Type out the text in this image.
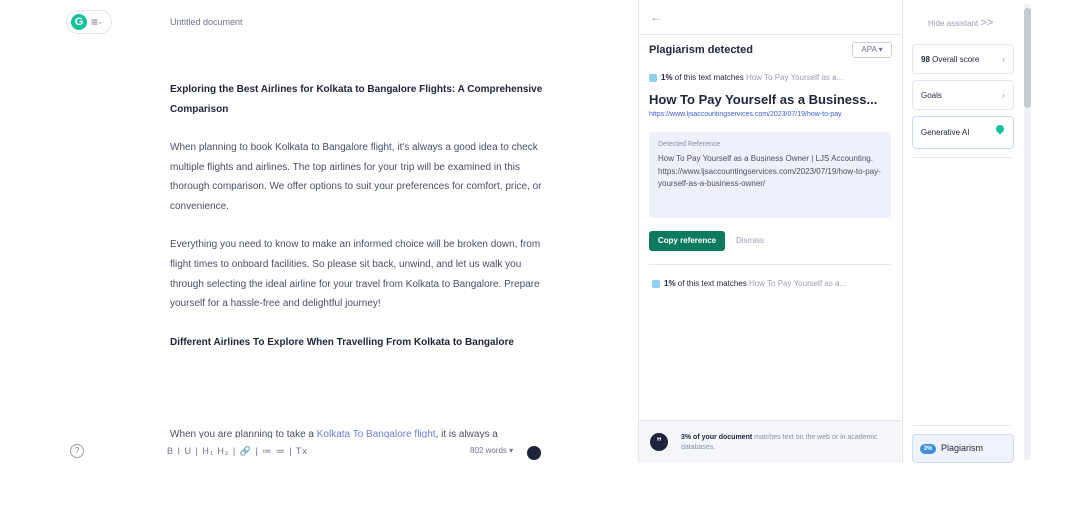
G ≡·	Untitled document
Exploring the Best Airlines for Kolkata to Bangalore Flights: A Comprehensive Comparison
When planning to book Kolkata to Bangalore flight, it's always a good idea to check multiple flights and airlines. The top airlines for your trip will be examined in this thorough comparison. We offer options to suit your preferences for comfort, price, or convenience.
Everything you need to know to make an informed choice will be broken down, from flight times to onboard facilities. So please sit back, unwind, and let us walk you through selecting the ideal airline for your travel from Kolkata to Bangalore. Prepare yourself for a hassle-free and delightful journey!
Different Airlines To Explore When Travelling From Kolkata to Bangalore
When you are planning to take a Kolkata To Bangalore flight, it is always a
?	B I U | H₁ H₂ | 🔗 | ≔ ≔ | Tx	802 words ▾
←
Plagiarism detected	APA ▾
1% of this text matches How To Pay Yourself as a...
How To Pay Yourself as a Business...
https://www.ljsaccountingservices.com/2023/07/19/how-to-pay
Detected Reference
How To Pay Yourself as a Business Owner | LJS Accounting. https://www.ljsaccountingservices.com/2023/07/19/how-to-pay-yourself-as-a-business-owner/
Copy reference	Dismiss
1% of this text matches How To Pay Yourself as a...
”	3% of your document matches text on the web or in academic databases.
Hide assistant >>
98 Overall score	›
Goals	›
Generative AI
3% Plagiarism
